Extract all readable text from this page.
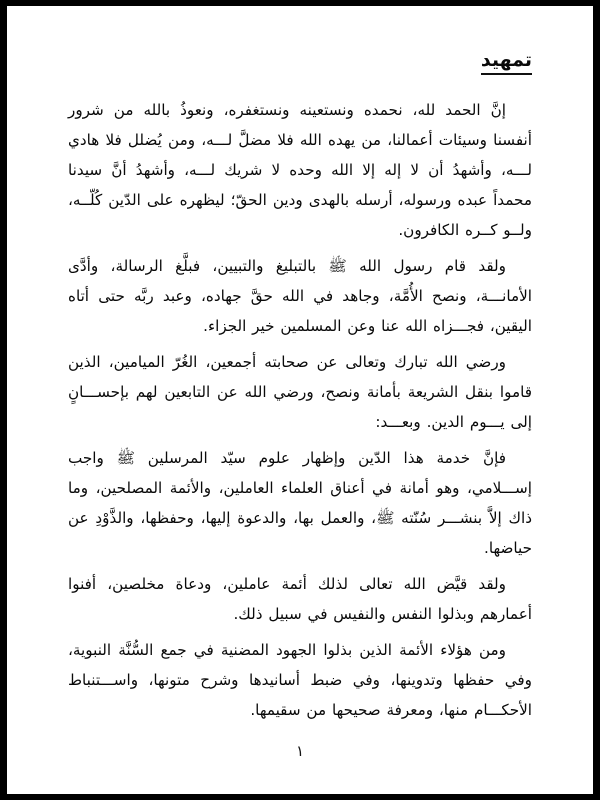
تمهيد

إنَّ الحمد لله، نحمده ونستعينه ونستغفره، ونعوذُ بالله من شرور أنفسنا وسيئات أعمالنا، من يهده الله فلا مضلَّ لـــه، ومن يُضلل فلا هادي لـــه، وأشهدُ أن لا إله إلا الله وحده لا شريك لـــه، وأشهدُ أنَّ سيدنا محمداً عبده ورسوله، أرسله بالهدى ودين الحقّ؛ ليظهره على الدّين كُلّــه، ولــو كــره الكافرون.

ولقد قام رسول الله ﷺ بالتبليغ والتبيين، فبلَّغ الرسالة، وأدَّى الأمانـــة، ونصح الأُمَّة، وجاهد في الله حقَّ جهاده، وعبد ربَّه حتى أتاه اليقين، فجـــزاه الله عنا وعن المسلمين خير الجزاء.

ورضي الله تبارك وتعالى عن صحابته أجمعين، الغُرّ الميامين، الذين قاموا بنقل الشريعة بأمانة ونصح، ورضي الله عن التابعين لهم بإحســـانٍ إلى يـــوم الدين. وبعـــد:

فإنَّ خدمة هذا الدّين وإظهار علوم سيّد المرسلين ﷺ واجب إســـلامي، وهو أمانة في أعناق العلماء العاملين، والأئمة المصلحين، وما ذاك إلاَّ بنشـــر سُنّته ﷺ، والعمل بها، والدعوة إليها، وحفظها، والذَّوْدِ عن حياضها.

ولقد قيَّض الله تعالى لذلك أئمة عاملين، ودعاة مخلصين، أفنوا أعمارهم وبذلوا النفس والنفيس في سبيل ذلك.

ومن هؤلاء الأئمة الذين بذلوا الجهود المضنية في جمع السُّنَّة النبوية، وفي حفظها وتدوينها، وفي ضبط أسانيدها وشرح متونها، واســـتنباط الأحكـــام منها، ومعرفة صحيحها من سقيمها.

١
